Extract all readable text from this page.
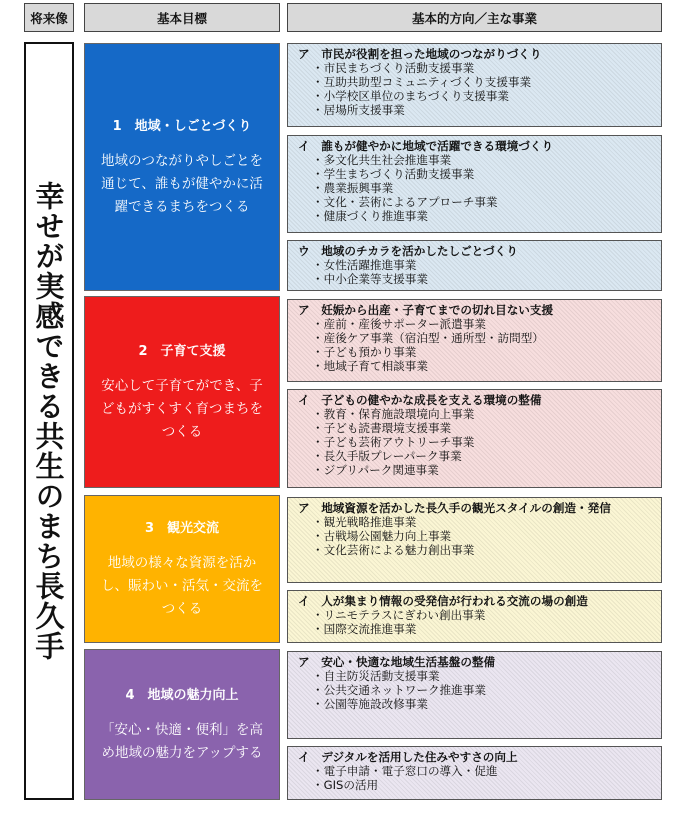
将来像	基本目標	基本的方向／主な事業
幸せが実感できる共生のまち長久手
1　地域・しごとづくり
地域のつながりやしごとを通じて、誰もが健やかに活躍できるまちをつくる
2　子育て支援
安心して子育てができ、子どもがすくすく育つまちをつくる
3　観光交流
地域の様々な資源を活かし、賑わい・活気・交流をつくる
4　地域の魅力向上
「安心・快適・便利」を高め地域の魅力をアップする
ア　市民が役割を担った地域のつながりづくり
・市民まちづくり活動支援事業
・互助共助型コミュニティづくり支援事業
・小学校区単位のまちづくり支援事業
・居場所支援事業
イ　誰もが健やかに地域で活躍できる環境づくり
・多文化共生社会推進事業
・学生まちづくり活動支援事業
・農業振興事業
・文化・芸術によるアプローチ事業
・健康づくり推進事業
ウ　地域のチカラを活かしたしごとづくり
・女性活躍推進事業
・中小企業等支援事業
ア　妊娠から出産・子育てまでの切れ目ない支援
・産前・産後サポーター派遣事業
・産後ケア事業（宿泊型・通所型・訪問型）
・子ども預かり事業
・地域子育て相談事業
イ　子どもの健やかな成長を支える環境の整備
・教育・保育施設環境向上事業
・子ども読書環境支援事業
・子ども芸術アウトリーチ事業
・長久手版プレーパーク事業
・ジブリパーク関連事業
ア　地域資源を活かした長久手の観光スタイルの創造・発信
・観光戦略推進事業
・古戦場公園魅力向上事業
・文化芸術による魅力創出事業
イ　人が集まり情報の受発信が行われる交流の場の創造
・リニモテラスにぎわい創出事業
・国際交流推進事業
ア　安心・快適な地域生活基盤の整備
・自主防災活動支援事業
・公共交通ネットワーク推進事業
・公園等施設改修事業
イ　デジタルを活用した住みやすさの向上
・電子申請・電子窓口の導入・促進
・GISの活用
